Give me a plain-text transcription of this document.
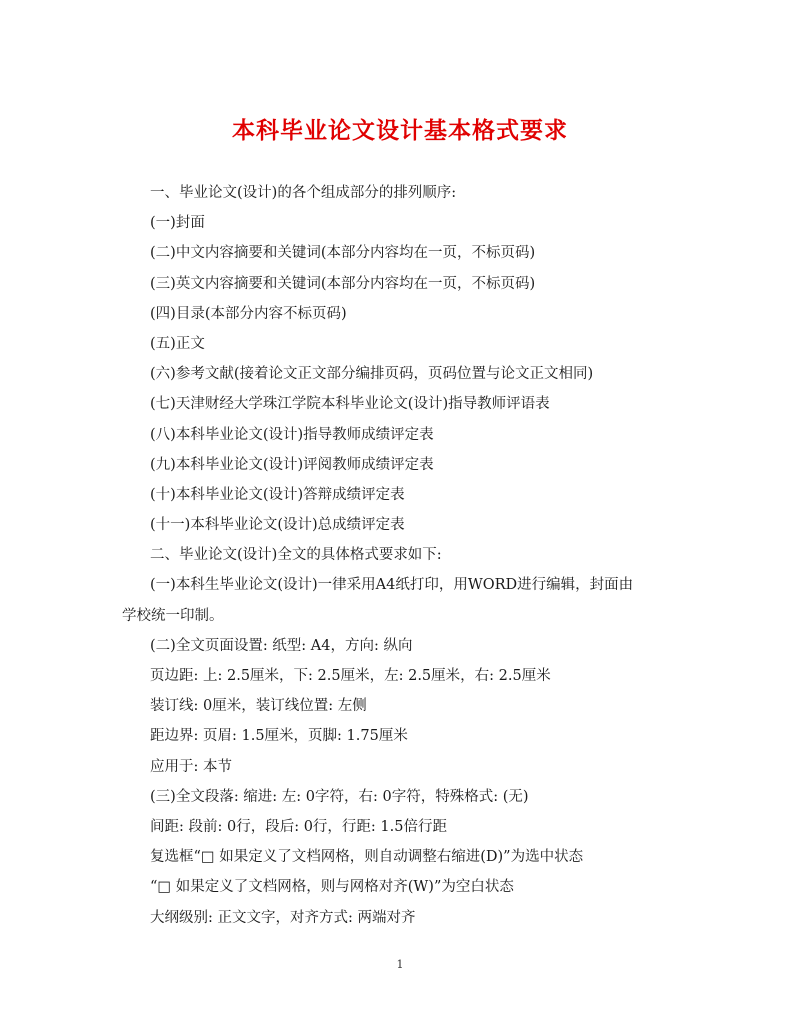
本科毕业论文设计基本格式要求
一、毕业论文(设计)的各个组成部分的排列顺序:
(一)封面
(二)中文内容摘要和关键词(本部分内容均在一页，不标页码)
(三)英文内容摘要和关键词(本部分内容均在一页，不标页码)
(四)目录(本部分内容不标页码)
(五)正文
(六)参考文献(接着论文正文部分编排页码，页码位置与论文正文相同)
(七)天津财经大学珠江学院本科毕业论文(设计)指导教师评语表
(八)本科毕业论文(设计)指导教师成绩评定表
(九)本科毕业论文(设计)评阅教师成绩评定表
(十)本科毕业论文(设计)答辩成绩评定表
(十一)本科毕业论文(设计)总成绩评定表
二、毕业论文(设计)全文的具体格式要求如下:
(一)本科生毕业论文(设计)一律采用A4纸打印，用WORD进行编辑，封面由
学校统一印制。
(二)全文页面设置: 纸型: A4，方向: 纵向
页边距: 上: 2.5厘米，下: 2.5厘米，左: 2.5厘米，右: 2.5厘米
装订线: 0厘米，装订线位置: 左侧
距边界: 页眉: 1.5厘米，页脚: 1.75厘米
应用于: 本节
(三)全文段落: 缩进: 左: 0字符，右: 0字符，特殊格式: (无)
间距: 段前: 0行，段后: 0行，行距: 1.5倍行距
复选框“□ 如果定义了文档网格，则自动调整右缩进(D)”为选中状态
“□ 如果定义了文档网格，则与网格对齐(W)”为空白状态
大纲级别: 正文文字，对齐方式: 两端对齐
1
